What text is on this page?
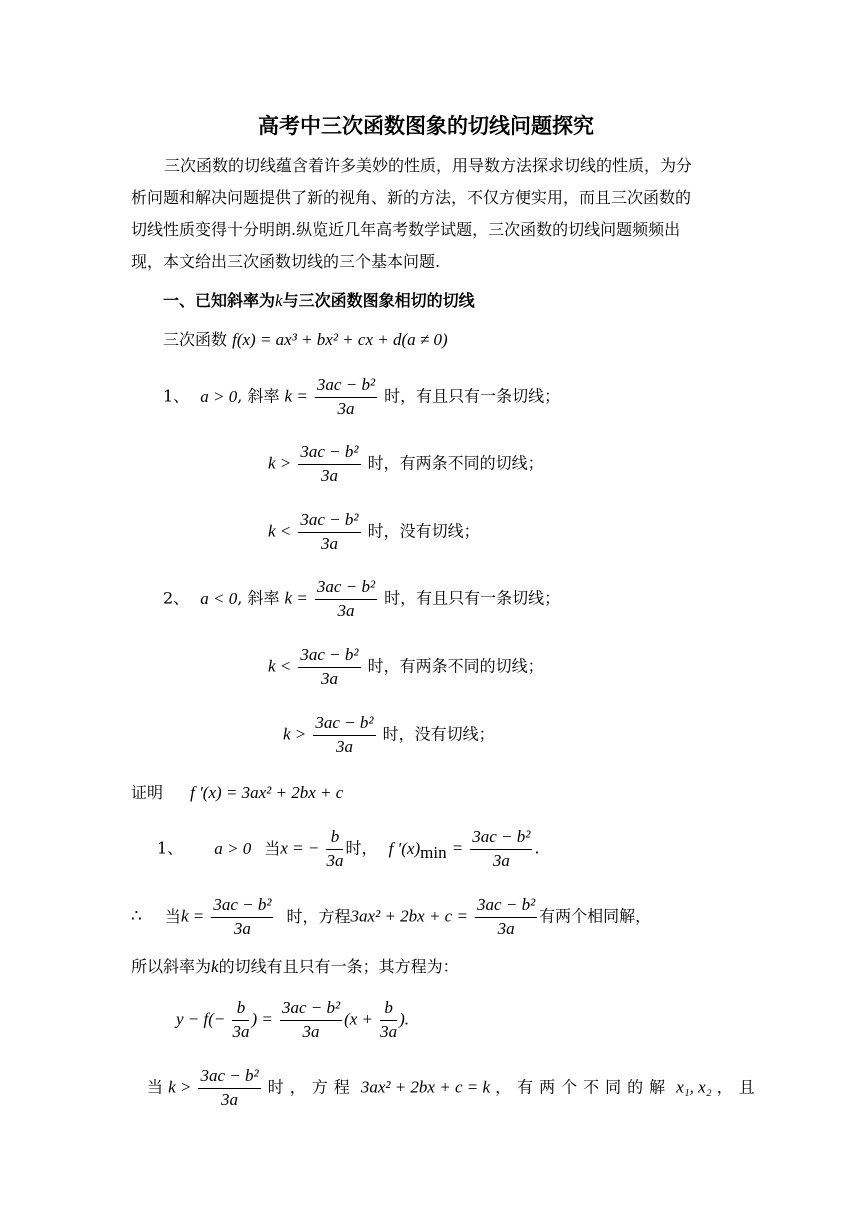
高考中三次函数图象的切线问题探究
三次函数的切线蕴含着许多美妙的性质，用导数方法探求切线的性质，为分
析问题和解决问题提供了新的视角、新的方法，不仅方便实用，而且三次函数的
切线性质变得十分明朗.纵览近几年高考数学试题，三次函数的切线问题频频出
现，本文给出三次函数切线的三个基本问题.
一、已知斜率为k与三次函数图象相切的切线
三次函数 f(x) = ax³ + bx² + cx + d(a ≠ 0)
1、 a > 0, 斜率 $k = \frac{\text{3ac − b²}}{3a}$ 时，有且只有一条切线；
$k > \frac{\text{3ac − b²}}{3a}$ 时，有两条不同的切线；
$k < \frac{\text{3ac − b²}}{3a}$ 时，没有切线；
2、 a < 0, 斜率 $k = \frac{\text{3ac − b²}}{3a}$ 时，有且只有一条切线；
$k < \frac{\text{3ac − b²}}{3a}$ 时，有两条不同的切线；
$k > \frac{\text{3ac − b²}}{3a}$ 时，没有切线；
证明 f ′(x) = 3ax² + 2bx + c
1、 a > 0 当x = − $\frac{b}{3a}$ 时， f $'(x)_{min} = \frac{\text{3ac − b²}}{3a}$ .
∴ 当$k = \frac{\text{3ac − b²}}{3a}$ 时，方程$3ax^2 + 2bx + c = \frac{\text{3ac − b²}}{3a}$ 有两个相同解，
所以斜率为k的切线有且只有一条；其方程为：
$y - f(- \frac{b}{3a}$ ) = $\frac{\text{3ac − b²}}{3a} (x + \frac{b}{3a}$ ).
当 $k > \frac{\text{3ac − b²}}{3a}$ 时，方程 3ax² + 2bx + c = k ，有两个不同的解 x₁, x₂ ，且
